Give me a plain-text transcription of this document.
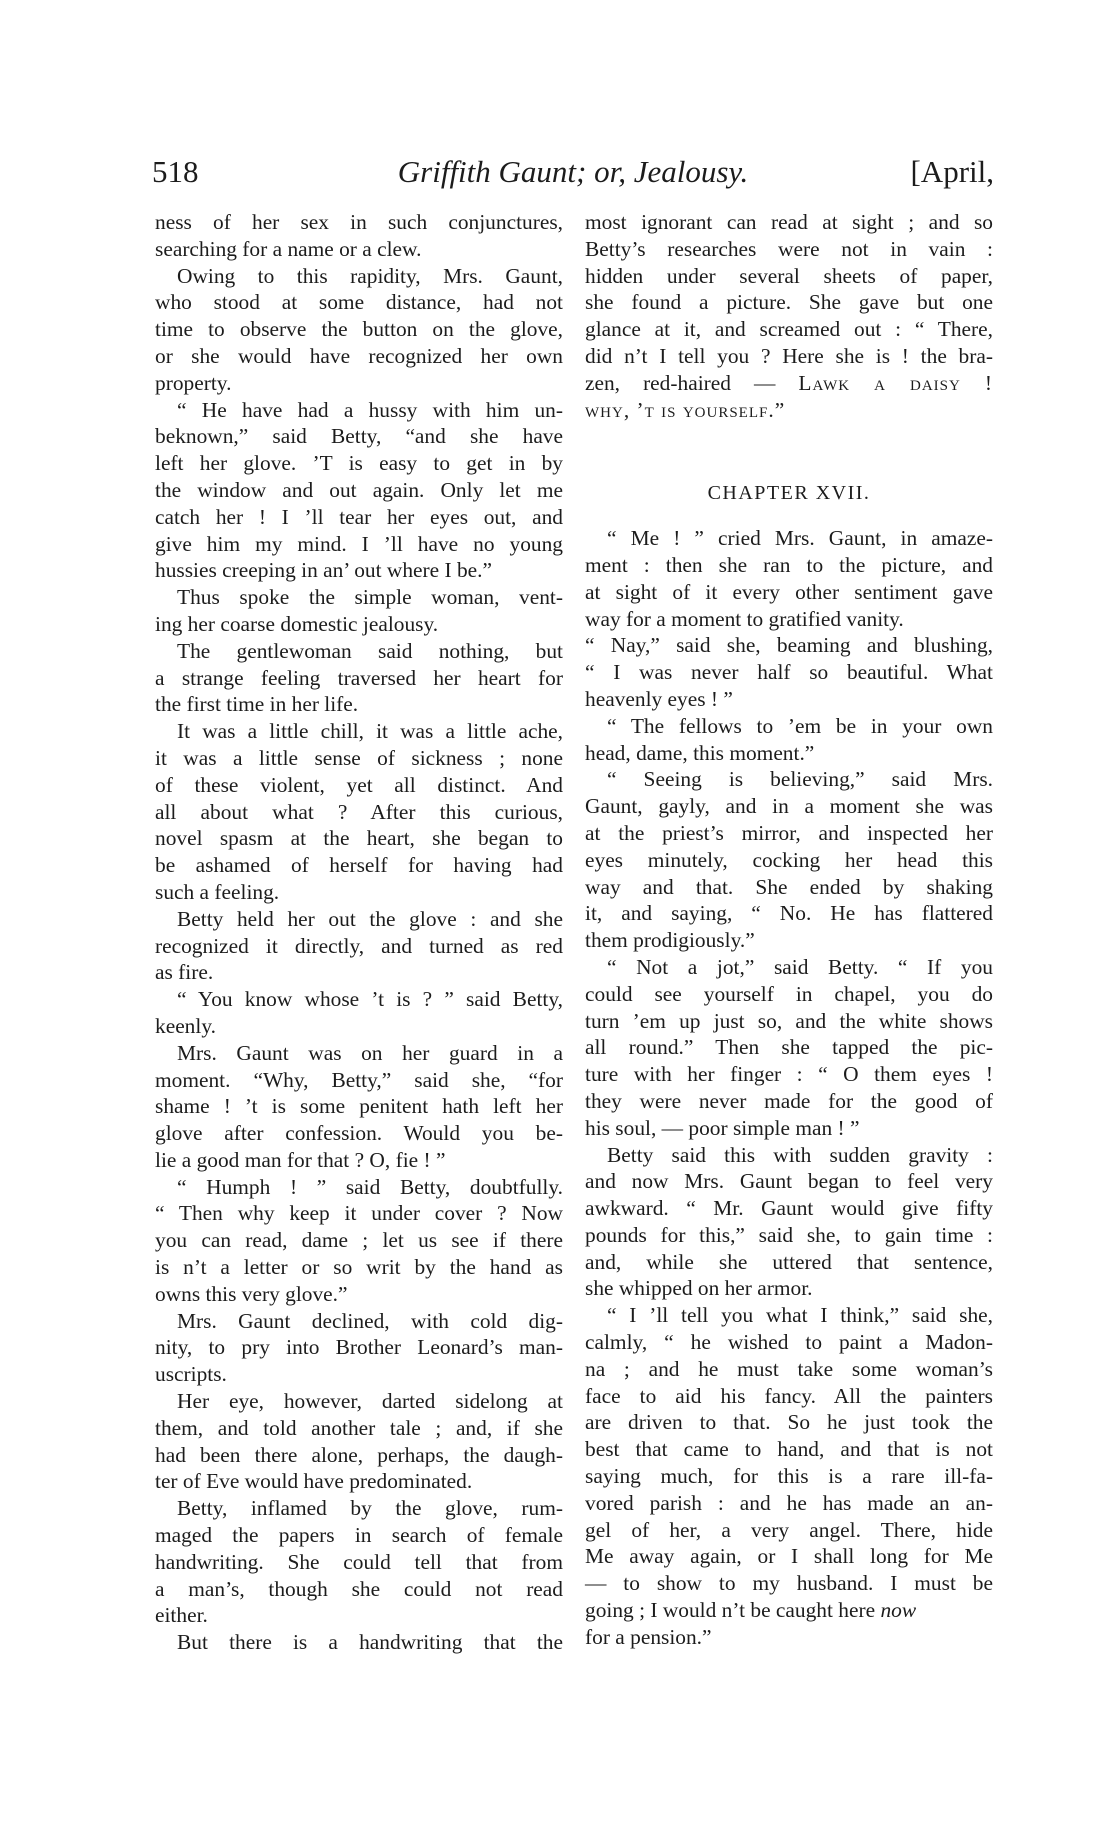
518	Griffith Gaunt; or, Jealousy.	[April,
ness of her sex in such conjunctures,
searching for a name or a clew.
Owing to this rapidity, Mrs. Gaunt,
who stood at some distance, had not
time to observe the button on the glove,
or she would have recognized her own
property.
“ He have had a hussy with him un-
beknown,” said Betty, “and she have
left her glove. ’T is easy to get in by
the window and out again. Only let me
catch her ! I ’ll tear her eyes out, and
give him my mind. I ’ll have no young
hussies creeping in an’ out where I be.”
Thus spoke the simple woman, vent-
ing her coarse domestic jealousy.
The gentlewoman said nothing, but
a strange feeling traversed her heart for
the first time in her life.
It was a little chill, it was a little ache,
it was a little sense of sickness ; none
of these violent, yet all distinct. And
all about what ? After this curious,
novel spasm at the heart, she began to
be ashamed of herself for having had
such a feeling.
Betty held her out the glove : and she
recognized it directly, and turned as red
as fire.
“ You know whose ’t is ? ” said Betty,
keenly.
Mrs. Gaunt was on her guard in a
moment. “Why, Betty,” said she, “for
shame ! ’t is some penitent hath left her
glove after confession. Would you be-
lie a good man for that ? O, fie ! ”
“ Humph ! ” said Betty, doubtfully.
“ Then why keep it under cover ? Now
you can read, dame ; let us see if there
is n’t a letter or so writ by the hand as
owns this very glove.”
Mrs. Gaunt declined, with cold dig-
nity, to pry into Brother Leonard’s man-
uscripts.
Her eye, however, darted sidelong at
them, and told another tale ; and, if she
had been there alone, perhaps, the daugh-
ter of Eve would have predominated.
Betty, inflamed by the glove, rum-
maged the papers in search of female
handwriting. She could tell that from
a man’s, though she could not read
either.
But there is a handwriting that the
most ignorant can read at sight ; and so
Betty’s researches were not in vain :
hidden under several sheets of paper,
she found a picture. She gave but one
glance at it, and screamed out : “ There,
did n’t I tell you ? Here she is ! the bra-
zen, red-haired — Lawk a daisy !
why, ’t is yourself.”
CHAPTER XVII.
“ Me ! ” cried Mrs. Gaunt, in amaze-
ment : then she ran to the picture, and
at sight of it every other sentiment gave
way for a moment to gratified vanity.
“ Nay,” said she, beaming and blushing,
“ I was never half so beautiful. What
heavenly eyes ! ”
“ The fellows to ’em be in your own
head, dame, this moment.”
“ Seeing is believing,” said Mrs.
Gaunt, gayly, and in a moment she was
at the priest’s mirror, and inspected her
eyes minutely, cocking her head this
way and that. She ended by shaking
it, and saying, “ No. He has flattered
them prodigiously.”
“ Not a jot,” said Betty. “ If you
could see yourself in chapel, you do
turn ’em up just so, and the white shows
all round.” Then she tapped the pic-
ture with her finger : “ O them eyes !
they were never made for the good of
his soul, — poor simple man ! ”
Betty said this with sudden gravity :
and now Mrs. Gaunt began to feel very
awkward. “ Mr. Gaunt would give fifty
pounds for this,” said she, to gain time :
and, while she uttered that sentence,
she whipped on her armor.
“ I ’ll tell you what I think,” said she,
calmly, “ he wished to paint a Madon-
na ; and he must take some woman’s
face to aid his fancy. All the painters
are driven to that. So he just took the
best that came to hand, and that is not
saying much, for this is a rare ill-fa-
vored parish : and he has made an an-
gel of her, a very angel. There, hide
Me away again, or I shall long for Me
— to show to my husband. I must be
going ; I would n’t be caught here now
for a pension.”
